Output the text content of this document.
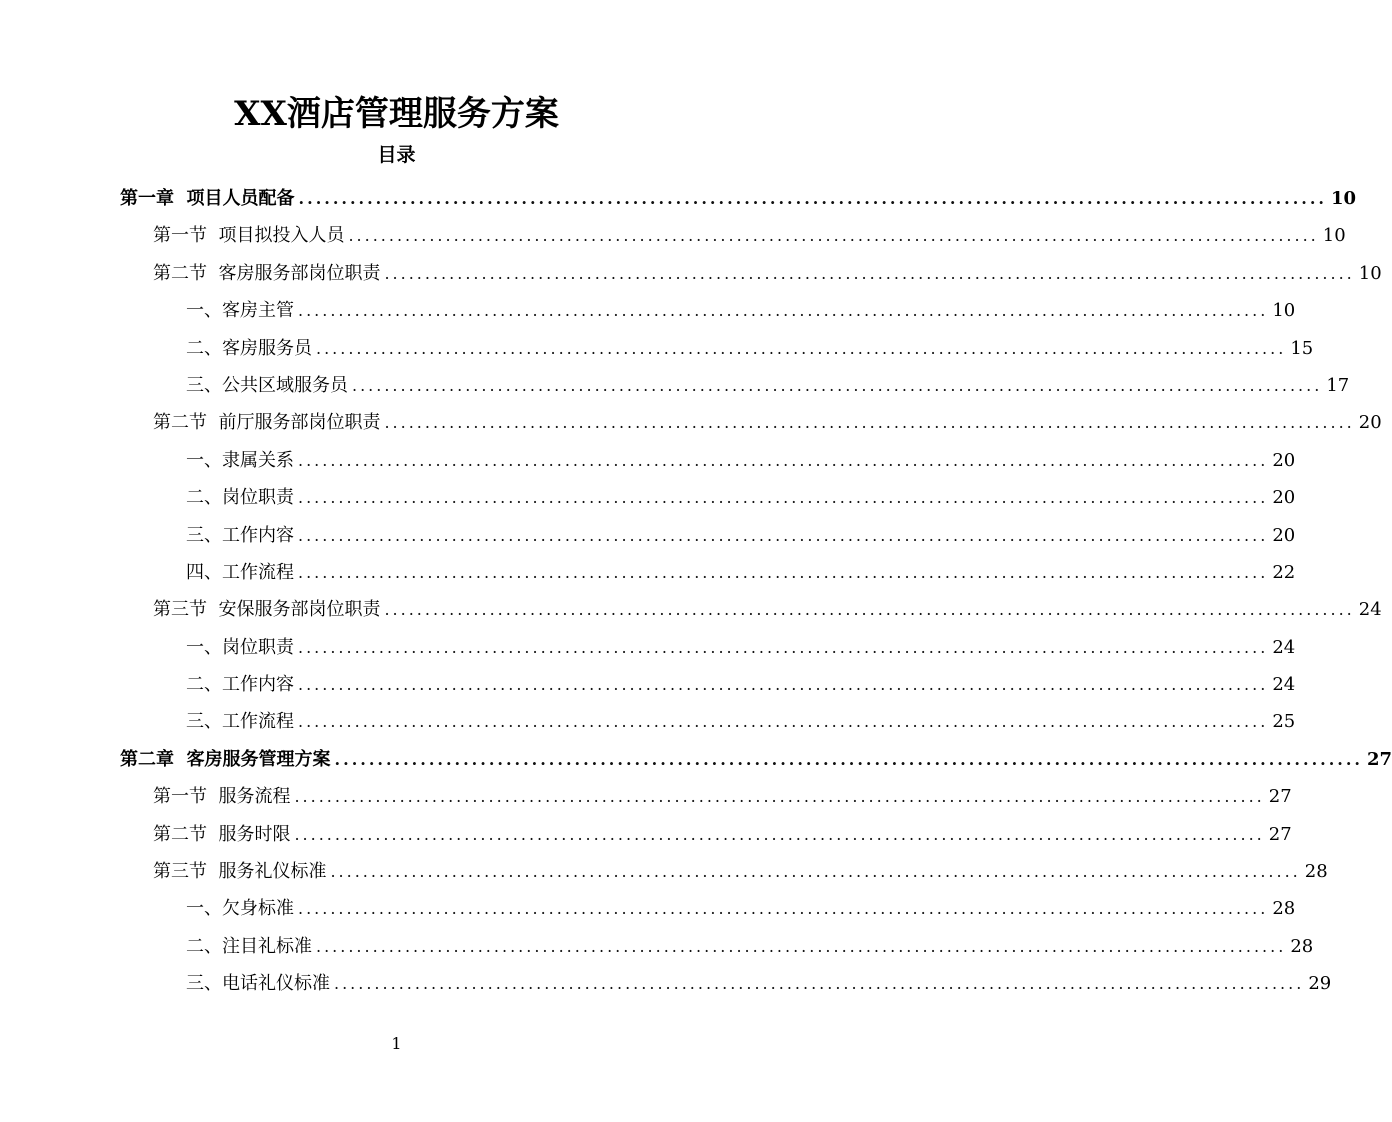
XX酒店管理服务方案
目录
第一章  项目人员配备 ........................................................................................................................ 10
第一节  项目拟投入人员 ........................................................................................................................ 10
第二节  客房服务部岗位职责 ........................................................................................................................ 10
一、客房主管 ........................................................................................................................ 10
二、客房服务员 ........................................................................................................................ 15
三、公共区域服务员 ........................................................................................................................ 17
第二节  前厅服务部岗位职责 ........................................................................................................................ 20
一、隶属关系 ........................................................................................................................ 20
二、岗位职责 ........................................................................................................................ 20
三、工作内容 ........................................................................................................................ 20
四、工作流程 ........................................................................................................................ 22
第三节  安保服务部岗位职责 ........................................................................................................................ 24
一、岗位职责 ........................................................................................................................ 24
二、工作内容 ........................................................................................................................ 24
三、工作流程 ........................................................................................................................ 25
第二章  客房服务管理方案 ........................................................................................................................ 27
第一节  服务流程 ........................................................................................................................ 27
第二节  服务时限 ........................................................................................................................ 27
第三节  服务礼仪标准 ........................................................................................................................ 28
一、欠身标准 ........................................................................................................................ 28
二、注目礼标准 ........................................................................................................................ 28
三、电话礼仪标准 ........................................................................................................................ 29
1
